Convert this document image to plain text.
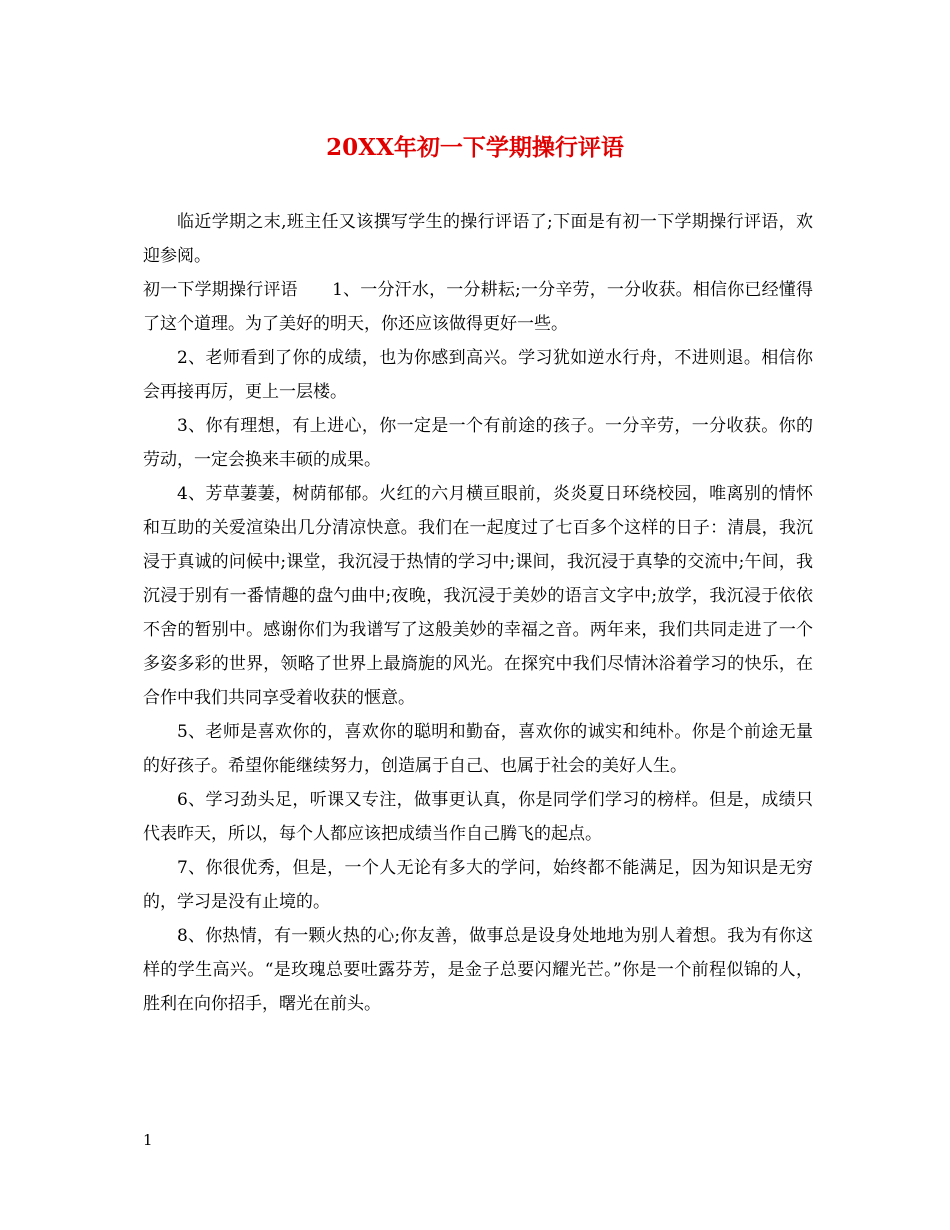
20XX年初一下学期操行评语

临近学期之末,班主任又该撰写学生的操行评语了;下面是有初一下学期操行评语，欢迎参阅。

初一下学期操行评语　　1、一分汗水，一分耕耘;一分辛劳，一分收获。相信你已经懂得了这个道理。为了美好的明天，你还应该做得更好一些。

2、老师看到了你的成绩，也为你感到高兴。学习犹如逆水行舟，不进则退。相信你会再接再厉，更上一层楼。

3、你有理想，有上进心，你一定是一个有前途的孩子。一分辛劳，一分收获。你的劳动，一定会换来丰硕的成果。

4、芳草萋萋，树荫郁郁。火红的六月横亘眼前，炎炎夏日环绕校园，唯离别的情怀和互助的关爱渲染出几分清凉快意。我们在一起度过了七百多个这样的日子：清晨，我沉浸于真诚的问候中;课堂，我沉浸于热情的学习中;课间，我沉浸于真挚的交流中;午间，我沉浸于别有一番情趣的盘勺曲中;夜晚，我沉浸于美妙的语言文字中;放学，我沉浸于依依不舍的暂别中。感谢你们为我谱写了这般美妙的幸福之音。两年来，我们共同走进了一个多姿多彩的世界，领略了世界上最旖旎的风光。在探究中我们尽情沐浴着学习的快乐，在合作中我们共同享受着收获的惬意。

5、老师是喜欢你的，喜欢你的聪明和勤奋，喜欢你的诚实和纯朴。你是个前途无量的好孩子。希望你能继续努力，创造属于自己、也属于社会的美好人生。

6、学习劲头足，听课又专注，做事更认真，你是同学们学习的榜样。但是，成绩只代表昨天，所以，每个人都应该把成绩当作自己腾飞的起点。

7、你很优秀，但是，一个人无论有多大的学问，始终都不能满足，因为知识是无穷的，学习是没有止境的。

8、你热情，有一颗火热的心;你友善，做事总是设身处地地为别人着想。我为有你这样的学生高兴。“是玫瑰总要吐露芬芳，是金子总要闪耀光芒。”你是一个前程似锦的人，胜利在向你招手，曙光在前头。

1
